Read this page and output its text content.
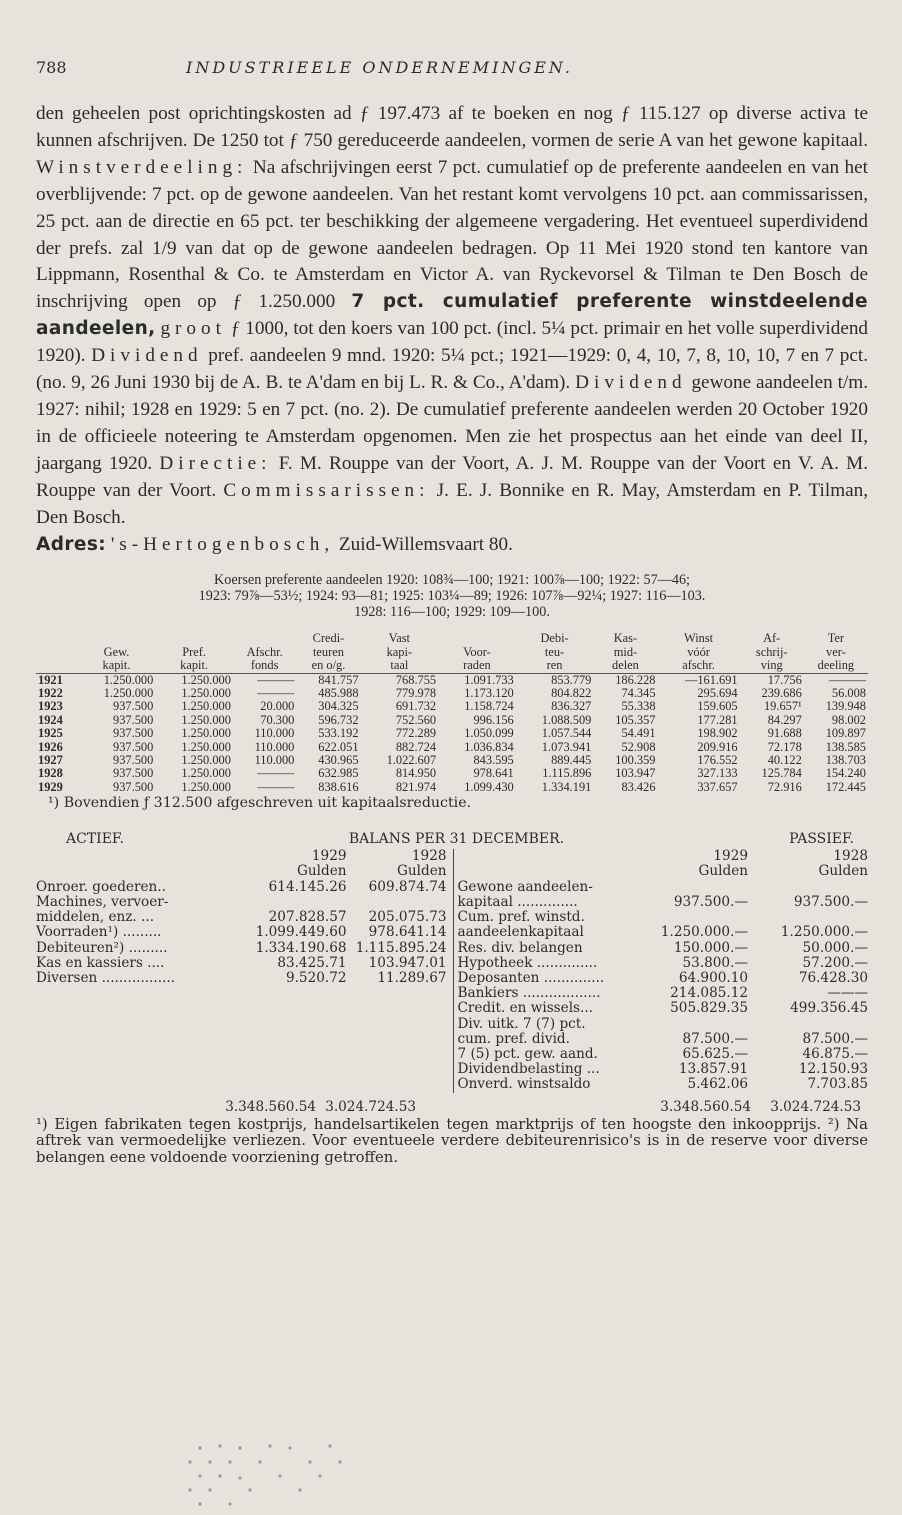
788	INDUSTRIEELE ONDERNEMINGEN.
den geheelen post oprichtingskosten ad ƒ 197.473 af te boeken en nog ƒ 115.127 op diverse activa te kunnen afschrijven. De 1250 tot ƒ 750 gereduceerde aandeelen, vormen de serie A van het gewone kapitaal. Winstverdeeling: Na afschrijvingen eerst 7 pct. cumulatief op de preferente aandeelen en van het overblijvende: 7 pct. op de gewone aandeelen. Van het restant komt vervolgens 10 pct. aan commissarissen, 25 pct. aan de directie en 65 pct. ter beschikking der algemeene vergadering. Het eventueel superdividend der prefs. zal 1/9 van dat op de gewone aandeelen bedragen. Op 11 Mei 1920 stond ten kantore van Lippmann, Rosenthal & Co. te Amsterdam en Victor A. van Ryckevorsel & Tilman te Den Bosch de inschrijving open op ƒ 1.250.000 7 pct. cumulatief preferente winstdeelende aandeelen, groot ƒ 1000, tot den koers van 100 pct. (incl. 5¼ pct. primair en het volle superdividend 1920). Dividend pref. aandeelen 9 mnd. 1920: 5¼ pct.; 1921—1929: 0, 4, 10, 7, 8, 10, 10, 7 en 7 pct. (no. 9, 26 Juni 1930 bij de A. B. te A'dam en bij L. R. & Co., A'dam). Dividend gewone aandeelen t/m. 1927: nihil; 1928 en 1929: 5 en 7 pct. (no. 2). De cumulatief preferente aandeelen werden 20 October 1920 in de officieele noteering te Amsterdam opgenomen. Men zie het prospectus aan het einde van deel II, jaargang 1920. Directie: F. M. Rouppe van der Voort, A. J. M. Rouppe van der Voort en V. A. M. Rouppe van der Voort. Commissarissen: J. E. J. Bonnike en R. May, Amsterdam en P. Tilman, Den Bosch.
Adres: 's-Hertogenbosch, Zuid-Willemsvaart 80.
Koersen preferente aandeelen 1920: 108¾—100; 1921: 100⅞—100; 1922: 57—46;
1923: 79⅞—53½; 1924: 93—81; 1925: 103¼—89; 1926: 107⅞—92¼; 1927: 116—103.
1928: 116—100; 1929: 109—100.
				Credi-	Vast		Debi-	Kas-	Winst	Af-	Ter
	Gew.	Pref.	Afschr.	teuren	kapi-	Voor-	teu-	mid-	vóór	schrij-	ver-
	kapit.	kapit.	fonds	en o/g.	taal	raden	ren	delen	afschr.	ving	deeling
1921	1.250.000	1.250.000	———	841.757	768.755	1.091.733	853.779	186.228	—161.691	17.756	———
1922	1.250.000	1.250.000	———	485.988	779.978	1.173.120	804.822	74.345	295.694	239.686	56.008
1923	937.500	1.250.000	20.000	304.325	691.732	1.158.724	836.327	55.338	159.605	19.657¹	139.948
1924	937.500	1.250.000	70.300	596.732	752.560	996.156	1.088.509	105.357	177.281	84.297	98.002
1925	937.500	1.250.000	110.000	533.192	772.289	1.050.099	1.057.544	54.491	198.902	91.688	109.897
1926	937.500	1.250.000	110.000	622.051	882.724	1.036.834	1.073.941	52.908	209.916	72.178	138.585
1927	937.500	1.250.000	110.000	430.965	1.022.607	843.595	889.445	100.359	176.552	40.122	138.703
1928	937.500	1.250.000	———	632.985	814.950	978.641	1.115.896	103.947	327.133	125.784	154.240
1929	937.500	1.250.000	———	838.616	821.974	1.099.430	1.334.191	83.426	337.657	72.916	172.445
¹) Bovendien ƒ 312.500 afgeschreven uit kapitaalsreductie.
ACTIEF.	BALANS PER 31 DECEMBER.	PASSIEF.
1929	1928
Gulden	Gulden
Onroer. goederen..	614.145.26	609.874.74
Machines, vervoer-
middelen, enz. ...	207.828.57	205.075.73
Voorraden¹) .........	1.099.449.60	978.641.14
Debiteuren²) .........	1.334.190.68 1.115.895.24
Kas en kassiers ....	83.425.71	103.947.01
Diversen .................	9.520.72	11.289.67
1929	1928
Gulden	Gulden
Gewone aandeelen-
kapitaal ..............	937.500.—	937.500.—
Cum. pref. winstd.
aandeelenkapitaal	1.250.000.—	1.250.000.—
Res. div. belangen	150.000.—	50.000.—
Hypotheek ..............	53.800.—	57.200.—
Deposanten ..............	64.900.10	76.428.30
Bankiers ..................	214.085.12	———
Credit. en wissels...	505.829.35	499.356.45
Div. uitk. 7 (7) pct.
cum. pref. divid.	87.500.—	87.500.—
7 (5) pct. gew. aand.	65.625.—	46.875.—
Dividendbelasting ...	13.857.91	12.150.93
Onverd. winstsaldo	5.462.06	7.703.85
3.348.560.54 3.024.724.53	3.348.560.54	3.024.724.53
¹) Eigen fabrikaten tegen kostprijs, handelsartikelen tegen marktprijs of ten hoogste den inkoopprijs. ²) Na aftrek van vermoedelijke verliezen. Voor eventueele verdere debiteurenrisico's is in de reserve voor diverse belangen eene voldoende voorziening getroffen.
